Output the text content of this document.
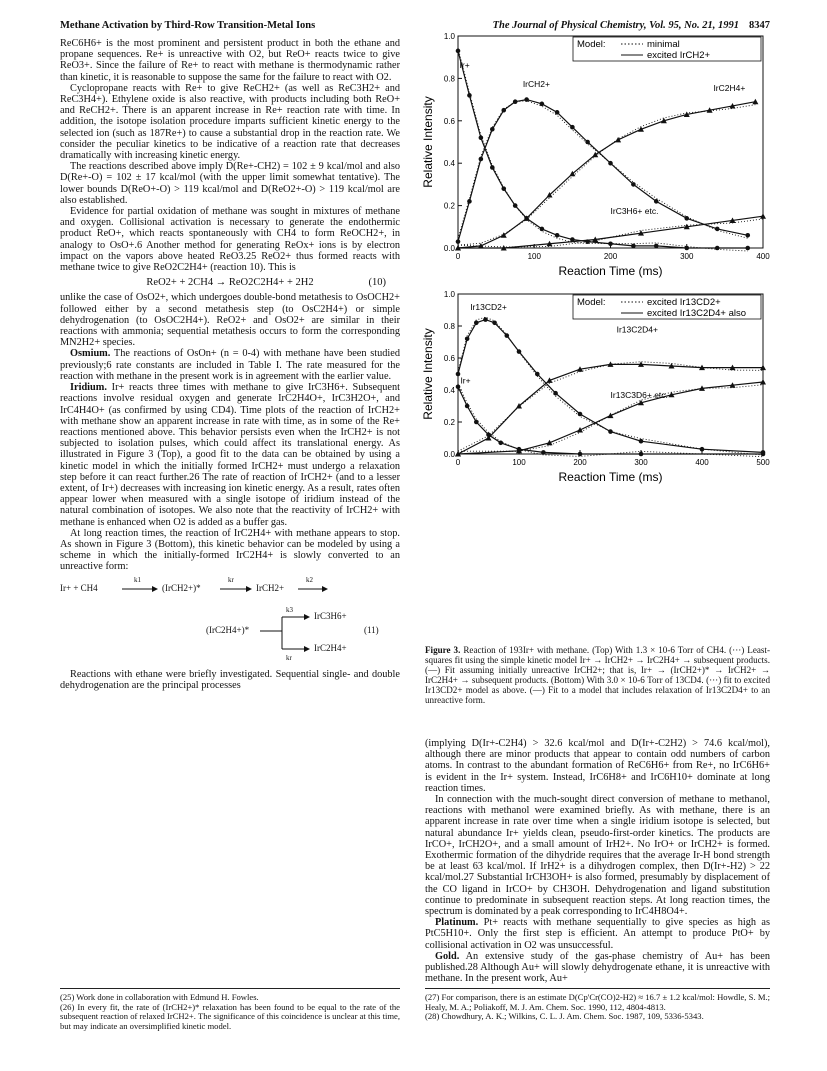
Methane Activation by Third-Row Transition-Metal Ions	The Journal of Physical Chemistry, Vol. 95, No. 21, 1991 8347

ReC6H6+ is the most prominent and persistent product in both the ethane and propane sequences. Re+ is unreactive with O2, but ReO+ reacts twice to give ReO3+. Since the failure of Re+ to react with methane is thermodynamic rather than kinetic, it is reasonable to suppose the same for the failure to react with O2.

Cyclopropane reacts with Re+ to give ReCH2+ (as well as ReC3H2+ and ReC3H4+). Ethylene oxide is also reactive, with products including both ReO+ and ReCH2+. There is an apparent increase in Re+ reaction rate with time. In addition, the isotope isolation procedure imparts sufficient kinetic energy to the selected ion (such as 187Re+) to cause a substantial drop in the reaction rate. We consider the peculiar kinetics to be indicative of a reaction rate that decreases dramatically with increasing kinetic energy.

The reactions described above imply D(Re+-CH2) = 102 ± 9 kcal/mol and also D(Re+-O) = 102 ± 17 kcal/mol (with the upper limit somewhat tentative). The lower bounds D(ReO+-O) > 119 kcal/mol and D(ReO2+-O) > 119 kcal/mol are also established.

Evidence for partial oxidation of methane was sought in mixtures of methane and oxygen. Collisional activation is necessary to generate the endothermic product ReO+, which reacts spontaneously with CH4 to form ReOCH2+, in analogy to OsO+.6 Another method for generating ReOx+ ions is by electron impact on the vapors above heated ReO3.25 ReO2+ thus formed reacts with methane twice to give ReO2C2H4+ (reaction 10). This is

ReO2+ + 2CH4 → ReO2C2H4+ + 2H2	(10)

unlike the case of OsO2+, which undergoes double-bond metathesis to OsOCH2+ followed either by a second metathesis step (to OsC2H4+) or simple dehydrogenation (to OsOC2H4+). ReO2+ and OsO2+ are similar in their reactions with ammonia; sequential metathesis occurs to form the corresponding MN2H2+ species.

Osmium. The reactions of OsOn+ (n = 0-4) with methane have been studied previously;6 rate constants are included in Table I. The rate measured for the reaction with methane in the present work is in agreement with the earlier value.

Iridium. Ir+ reacts three times with methane to give IrC3H6+. Subsequent reactions involve residual oxygen and generate IrC2H4O+, IrC3H2O+, and IrC4H4O+ (as confirmed by using CD4). Time plots of the reaction of IrCH2+ with methane show an apparent increase in rate with time, as in some of the Re+ reactions mentioned above. This behavior persists even when the IrCH2+ is not subjected to isolation pulses, which could affect its translational energy. As illustrated in Figure 3 (Top), a good fit to the data can be obtained by using a kinetic model in which the initially formed IrCH2+ must undergo a relaxation step before it can react further.26 The rate of reaction of IrCH2+ (and to a lesser extent, of Ir+) decreases with increasing ion kinetic energy. As a result, rates often appear lower when measured with a single isotope of iridium instead of the natural combination of isotopes. We also note that the reactivity of IrCH2+ with methane is enhanced when O2 is added as a buffer gas.

At long reaction times, the reaction of IrC2H4+ with methane appears to stop. As shown in Figure 3 (Bottom), this kinetic behavior can be modeled by using a scheme in which the initially-formed IrC2H4+ is slowly converted to an unreactive form:

Ir+ + CH4
k1
(IrCH2+)*
kr
IrCH2+
k2
(IrC2H4+)*
k3
IrC3H6+
kr
IrC2H4+
(11)

Reactions with ethane were briefly investigated. Sequential single- and double dehydrogenation are the principal processes

0	100	200	300	400
0.0
0.2
0.4
0.6
0.8
1.0
Reaction Time (ms)
Relative Intensity
Model:	minimal
excited IrCH2+
Ir+
IrCH2+	IrC2H4+
IrC3H6+ etc.
0	100	200	300	400	500
0.0
0.2
0.4
0.6
0.8
1.0
Reaction Time (ms)
Relative Intensity
Model:	excited Ir13CD2+
excited Ir13C2D4+ also
Ir+
Ir13CD2+
Ir13C2D4+
Ir13C3D6+ etc.
Figure 3. Reaction of 193Ir+ with methane. (Top) With 1.3 × 10-6 Torr of CH4. (···) Least-squares fit using the simple kinetic model Ir+ → IrCH2+ → IrC2H4+ → subsequent products. (—) Fit assuming initially unreactive IrCH2+; that is, Ir+ → (IrCH2+)* → IrCH2+ → IrC2H4+ → subsequent products. (Bottom) With 3.0 × 10-6 Torr of 13CD4. (···) fit to excited Ir13CD2+ model as above. (—) Fit to a model that includes relaxation of Ir13C2D4+ to an unreactive form.

(implying D(Ir+-C2H4) > 32.6 kcal/mol and D(Ir+-C2H2) > 74.6 kcal/mol), although there are minor products that appear to contain odd numbers of carbon atoms. In contrast to the abundant formation of ReC6H6+ from Re+, no IrC6H6+ is evident in the Ir+ system. Instead, IrC6H8+ and IrC6H10+ dominate at long reaction times.

In connection with the much-sought direct conversion of methane to methanol, reactions with methanol were examined briefly. As with methane, there is an apparent increase in rate over time when a single iridium isotope is selected, but natural abundance Ir+ yields clean, pseudo-first-order kinetics. The products are IrCO+, IrCH2O+, and a small amount of IrH2+. No IrO+ or IrCH2+ is formed. Exothermic formation of the dihydride requires that the average Ir-H bond strength be at least 63 kcal/mol. If IrH2+ is a dihydrogen complex, then D(Ir+-H2) > 22 kcal/mol.27 Substantial IrCH3OH+ is also formed, presumably by displacement of the CO ligand in IrCO+ by CH3OH. Dehydrogenation and ligand substitution continue to predominate in subsequent reaction steps. At long reaction times, the spectrum is dominated by a peak corresponding to IrC4H8O4+.

Platinum. Pt+ reacts with methane sequentially to give species as high as PtC5H10+. Only the first step is efficient. An attempt to produce PtO+ by collisional activation in O2 was unsuccessful.

Gold. An extensive study of the gas-phase chemistry of Au+ has been published.28 Although Au+ will slowly dehydrogenate ethane, it is unreactive with methane. In the present work, Au+

(25) Work done in collaboration with Edmund H. Fowles.
(26) In every fit, the rate of (IrCH2+)* relaxation has been found to be equal to the rate of the subsequent reaction of relaxed IrCH2+. The significance of this coincidence is unclear at this time, but may indicate an oversimplified kinetic model.
(27) For comparison, there is an estimate D(Cp'Cr(CO)2-H2) ≈ 16.7 ± 1.2 kcal/mol: Howdle, S. M.; Healy, M. A.; Poliakoff, M. J. Am. Chem. Soc. 1990, 112, 4804-4813.
(28) Chowdhury, A. K.; Wilkins, C. L. J. Am. Chem. Soc. 1987, 109, 5336-5343.
